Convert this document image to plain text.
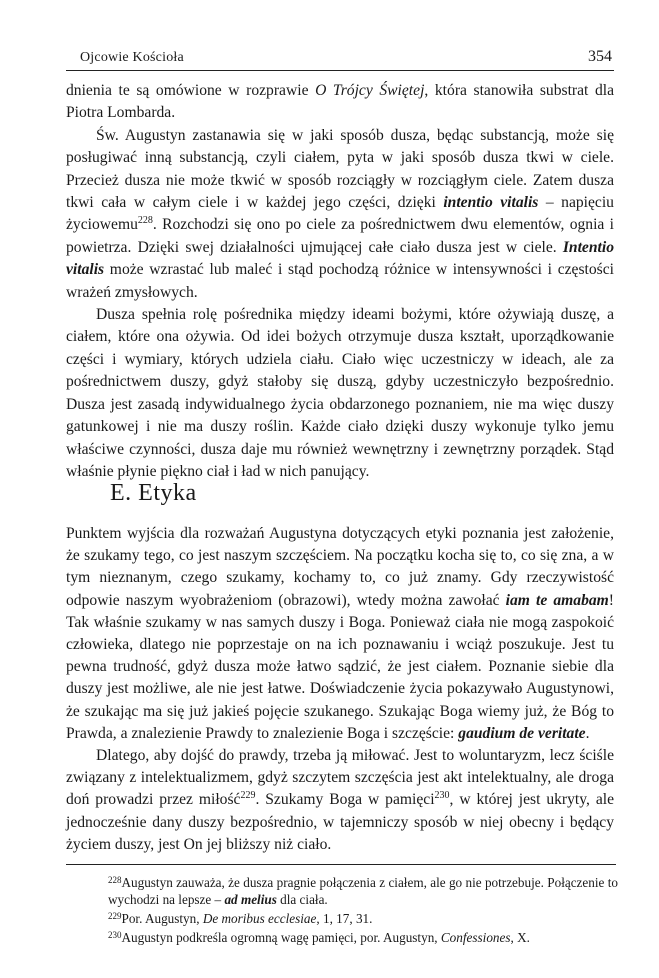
Ojcowie Kościoła	354

dnienia te są omówione w rozprawie O Trójcy Świętej, która stanowiła substrat dla Piotra Lombarda.

Św. Augustyn zastanawia się w jaki sposób dusza, będąc substancją, może się posługiwać inną substancją, czyli ciałem, pyta w jaki sposób dusza tkwi w ciele. Przecież dusza nie może tkwić w sposób rozciągły w rozciągłym ciele. Zatem dusza tkwi cała w całym ciele i w każdej jego części, dzięki intentio vitalis – napięciu życiowemu$^{228}$. Rozchodzi się ono po ciele za pośrednictwem dwu elementów, ognia i powietrza. Dzięki swej działalności ujmującej całe ciało dusza jest w ciele. Intentio vitalis może wzrastać lub maleć i stąd pochodzą różnice w intensywności i częstości wrażeń zmysłowych.

Dusza spełnia rolę pośrednika między ideami bożymi, które ożywiają duszę, a ciałem, które ona ożywia. Od idei bożych otrzymuje dusza kształt, uporządkowanie części i wymiary, których udziela ciału. Ciało więc uczestniczy w ideach, ale za pośrednictwem duszy, gdyż stałoby się duszą, gdyby uczestniczyło bezpośrednio. Dusza jest zasadą indywidualnego życia obdarzonego poznaniem, nie ma więc duszy gatunkowej i nie ma duszy roślin. Każde ciało dzięki duszy wykonuje tylko jemu właściwe czynności, dusza daje mu również wewnętrzny i zewnętrzny porządek. Stąd właśnie płynie piękno ciał i ład w nich panujący.

E. Etyka

Punktem wyjścia dla rozważań Augustyna dotyczących etyki poznania jest założenie, że szukamy tego, co jest naszym szczęściem. Na początku kocha się to, co się zna, a w tym nieznanym, czego szukamy, kochamy to, co już znamy. Gdy rzeczywistość odpowie naszym wyobrażeniom (obrazowi), wtedy można zawołać iam te amabam! Tak właśnie szukamy w nas samych duszy i Boga. Ponieważ ciała nie mogą zaspokoić człowieka, dlatego nie poprzestaje on na ich poznawaniu i wciąż poszukuje. Jest tu pewna trudność, gdyż dusza może łatwo sądzić, że jest ciałem. Poznanie siebie dla duszy jest możliwe, ale nie jest łatwe. Doświadczenie życia pokazywało Augustynowi, że szukając ma się już jakieś pojęcie szukanego. Szukając Boga wiemy już, że Bóg to Prawda, a znalezienie Prawdy to znalezienie Boga i szczęście: gaudium de veritate.

Dlatego, aby dojść do prawdy, trzeba ją miłować. Jest to woluntaryzm, lecz ściśle związany z intelektualizmem, gdyż szczytem szczęścia jest akt intelektualny, ale droga doń prowadzi przez miłość$^{229}$. Szukamy Boga w pamięci$^{230}$, w której jest ukryty, ale jednocześnie dany duszy bezpośrednio, w tajemniczy sposób w niej obecny i będący życiem duszy, jest On jej bliższy niż ciało.

$^{228}$Augustyn zauważa, że dusza pragnie połączenia z ciałem, ale go nie potrzebuje. Połączenie to wychodzi na lepsze – ad melius dla ciała.

$^{229}$Por. Augustyn, De moribus ecclesiae, 1, 17, 31.

$^{230}$Augustyn podkreśla ogromną wagę pamięci, por. Augustyn, Confessiones, X.
